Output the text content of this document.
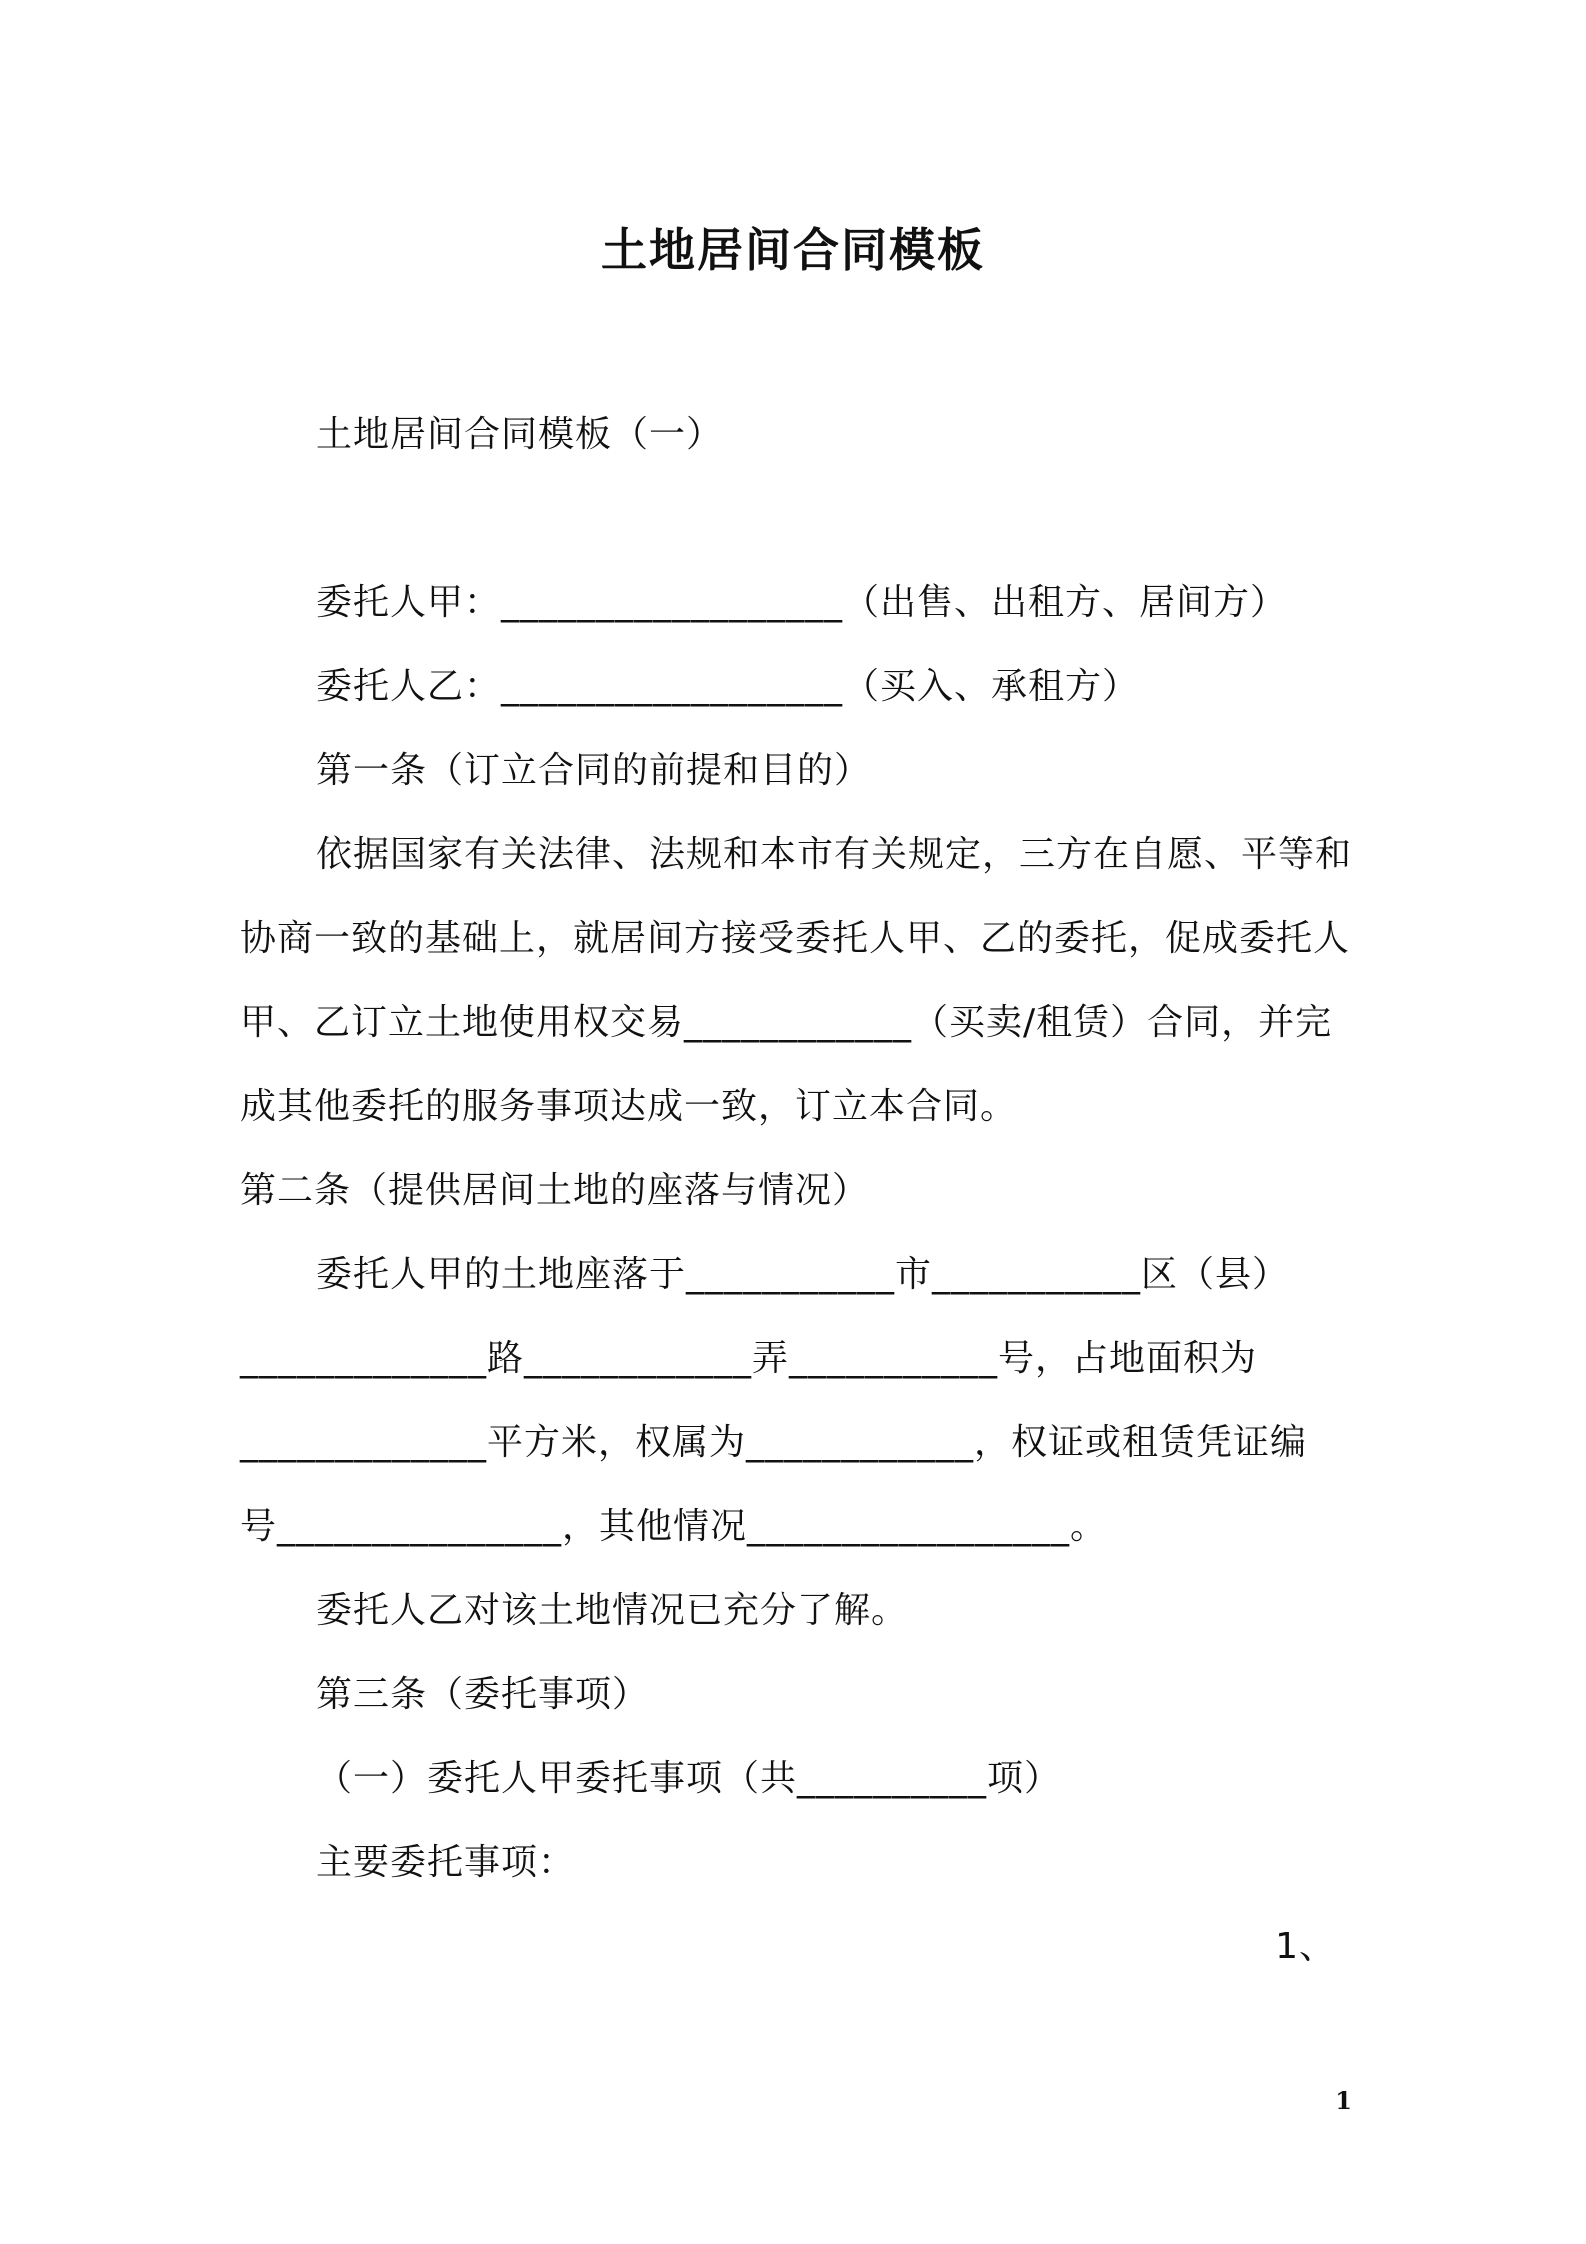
土地居间合同模板
土地居间合同模板（一）
委托人甲：__________________（出售、出租方、居间方）
委托人乙：__________________（买入、承租方）
第一条（订立合同的前提和目的）
依据国家有关法律、法规和本市有关规定，三方在自愿、平等和
协商一致的基础上，就居间方接受委托人甲、乙的委托，促成委托人
甲、乙订立土地使用权交易____________（买卖/租赁）合同，并完
成其他委托的服务事项达成一致，订立本合同。
第二条（提供居间土地的座落与情况）
委托人甲的土地座落于___________市___________区（县）
_____________路____________弄___________号，占地面积为
_____________平方米，权属为____________，权证或租赁凭证编
号_______________，其他情况_________________。
委托人乙对该土地情况已充分了解。
第三条（委托事项）
（一）委托人甲委托事项（共__________项）
主要委托事项：
1、
1
